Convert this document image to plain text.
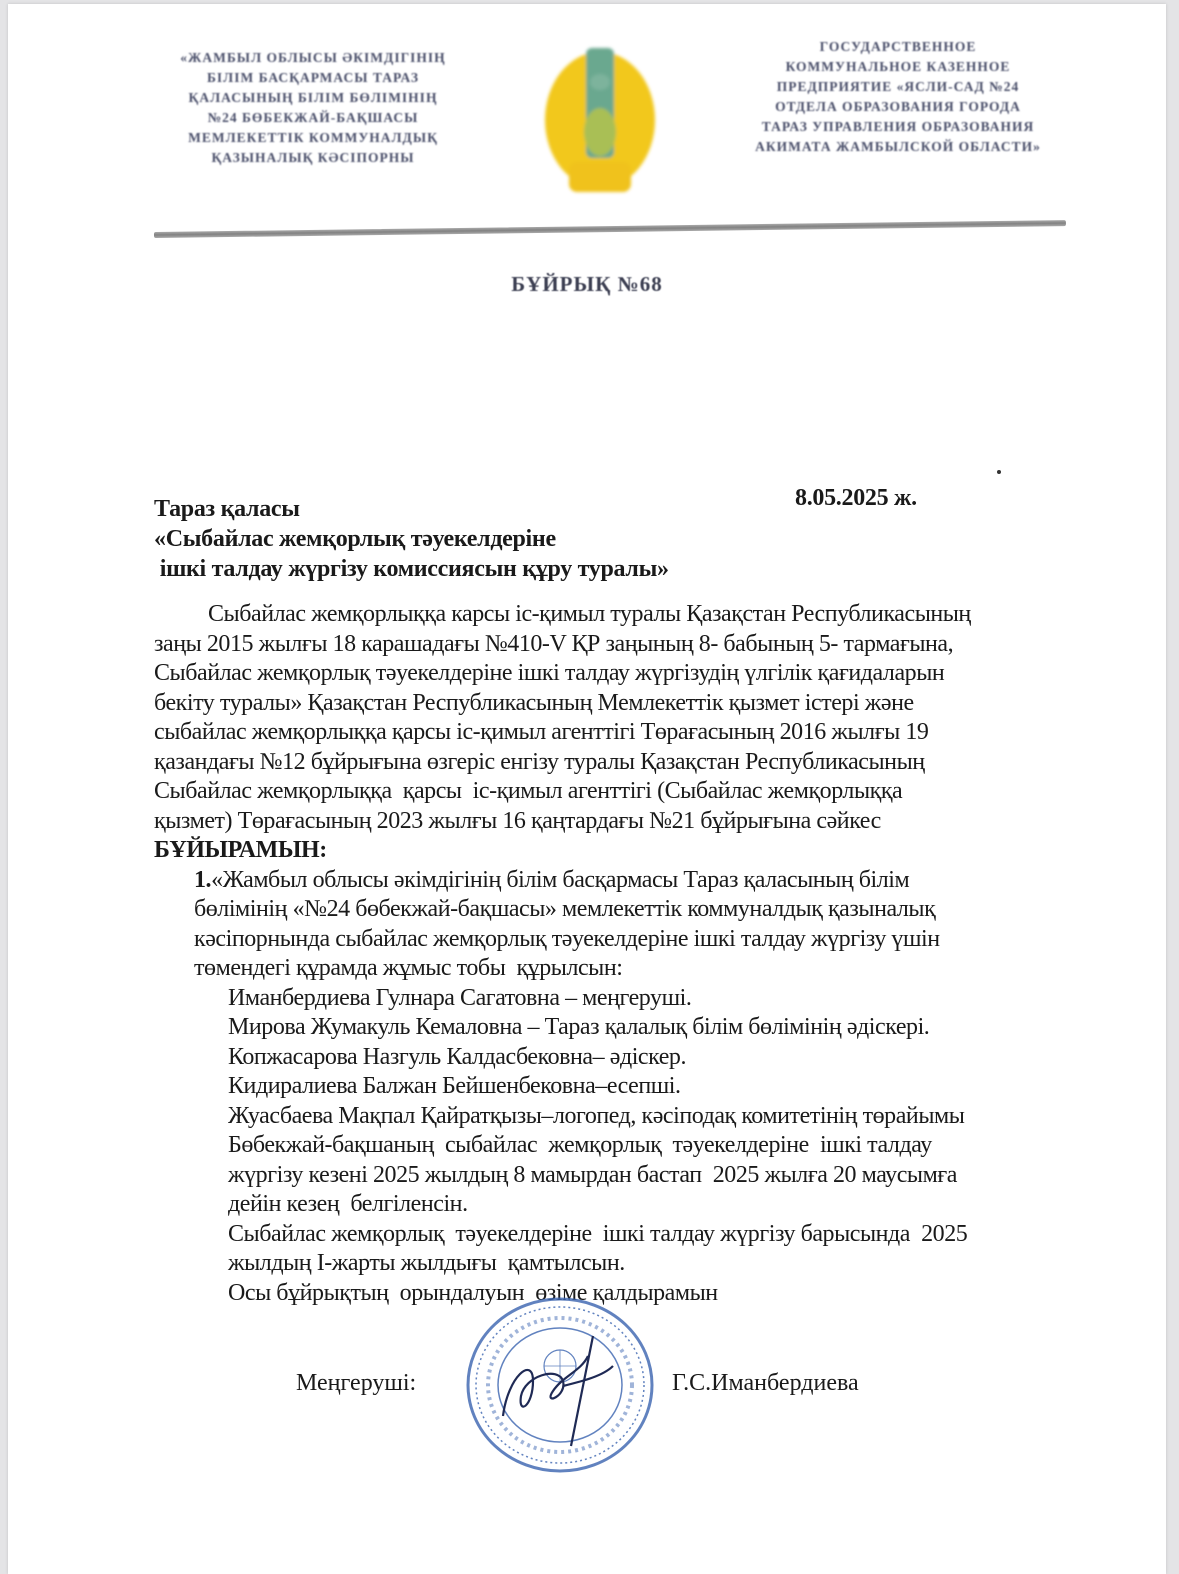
«ЖАМБЫЛ ОБЛЫСЫ ӘКІМДІГІНІҢ
БІЛІМ БАСҚАРМАСЫ ТАРАЗ
ҚАЛАСЫНЫҢ БІЛІМ БӨЛІМІНІҢ
№24 БӨБЕКЖАЙ-БАҚШАСЫ
МЕМЛЕКЕТТІК КОММУНАЛДЫҚ
ҚАЗЫНАЛЫҚ КӘСІПОРНЫ
ГОСУДАРСТВЕННОЕ
КОММУНАЛЬНОЕ КАЗЕННОЕ
ПРЕДПРИЯТИЕ «ЯСЛИ-САД №24
ОТДЕЛА ОБРАЗОВАНИЯ ГОРОДА
ТАРАЗ УПРАВЛЕНИЯ ОБРАЗОВАНИЯ
АКИМАТА ЖАМБЫЛСКОЙ ОБЛАСТИ»
БҰЙРЫҚ №68
Тараз қаласы	8.05.2025 ж.
«Сыбайлас жемқорлық тәуекелдеріне
ішкі талдау жүргізу комиссиясын құру туралы»
Сыбайлас жемқорлыққа карсы іс-қимыл туралы Қазақстан Республикасының
заңы 2015 жылғы 18 карашадағы №410-V ҚР заңының 8- бабының 5- тармағына,
Сыбайлас жемқорлық тәуекелдеріне ішкі талдау жүргізудің үлгілік қағидаларын
бекіту туралы» Қазақстан Республикасының Мемлекеттік қызмет істері және
сыбайлас жемқорлыққа қарсы іс-қимыл агенттігі Төрағасының 2016 жылғы 19
қазандағы №12 бұйрығына өзгеріс енгізу туралы Қазақстан Республикасының
Сыбайлас жемқорлыққа  қарсы  іс-қимыл агенттігі (Сыбайлас жемқорлыққа
қызмет) Төрағасының 2023 жылғы 16 қаңтардағы №21 бұйрығына сәйкес
БҰЙЫРАМЫН:
1.«Жамбыл облысы әкімдігінің білім басқармасы Тараз қаласының білім
бөлімінің «№24 бөбекжай-бақшасы» мемлекеттік коммуналдық қазыналық
кәсіпорнында сыбайлас жемқорлық тәуекелдеріне ішкі талдау жүргізу үшін
төмендегі құрамда жұмыс тобы  құрылсын:
Иманбердиева Гулнара Сагатовна – меңгеруші.
Мирова Жумакуль Кемаловна – Тараз қалалық білім бөлімінің әдіскері.
Копжасарова Назгуль Калдасбековна– әдіскер.
Кидиралиева Балжан Бейшенбековна–есепші.
Жуасбаева Мақпал Қайратқызы–логопед, кәсіподақ комитетінің төрайымы
Бөбекжай-бақшаның  сыбайлас  жемқорлық  тәуекелдеріне  ішкі талдау
жүргізу кезені 2025 жылдың 8 мамырдан бастап  2025 жылға 20 маусымға
дейін кезең  белгіленсін.
Сыбайлас жемқорлық  тәуекелдеріне  ішкі талдау жүргізу барысында  2025
жылдың І-жарты жылдығы  қамтылсын.
Осы бұйрықтың  орындалуын  өзіме қалдырамын
Меңгеруші:	Г.С.Иманбердиева
